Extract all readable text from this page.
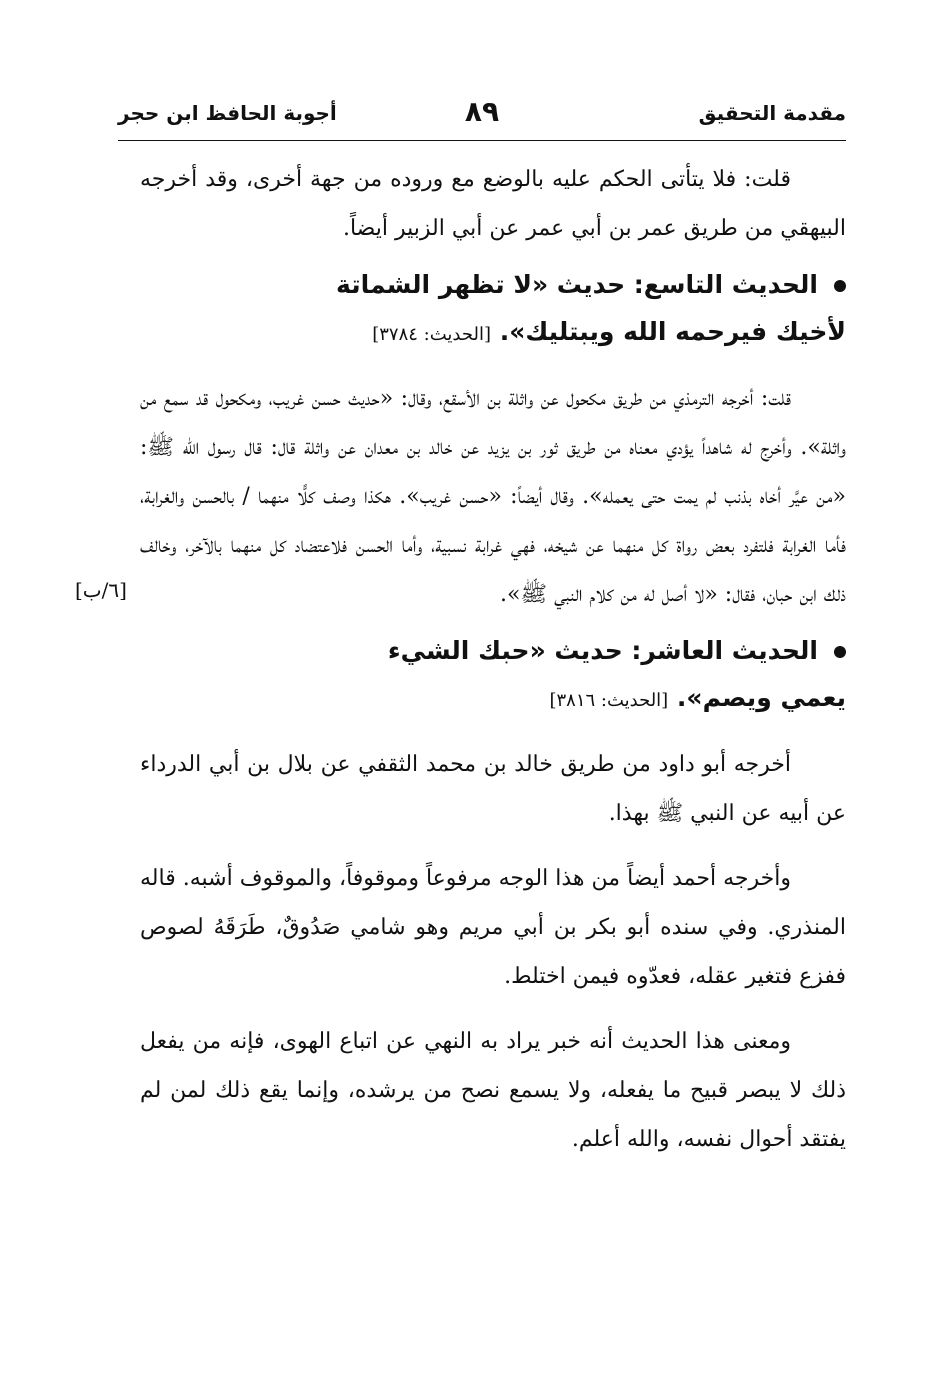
مقدمة التحقيق
٨٩
أجوبة الحافظ ابن حجر
[٦/ب]

قلت: فلا يتأتى الحكم عليه بالوضع مع وروده من جهة أخرى، وقد أخرجه البيهقي من طريق عمر بن أبي عمر عن أبي الزبير أيضاً.

الحديث التاسع: حديث «لا تظهر الشماتة
لأخيك فيرحمه الله ويبتليك». [الحديث: ٣٧٨٤]

قلت: أخرجه الترمذي من طريق مكحول عن واثلة بن الأسقع، وقال: «حديث حسن غريب، ومكحول قد سمع من واثلة». وأخرج له شاهداً يؤدي معناه من طريق ثور بن يزيد عن خالد بن معدان عن واثلة قال: قال رسول الله ﷺ: «من عيَّر أخاه بذنب لم يمت حتى يعمله». وقال أيضاً: «حسن غريب». هكذا وصف كلًّا منهما / بالحسن والغرابة، فأما الغرابة فلتفرد بعض رواة كل منهما عن شيخه، فهي غرابة نسبية، وأما الحسن فلاعتضاد كل منهما بالآخر، وخالف ذلك ابن حبان، فقال: «لا أصل له من كلام النبي ﷺ».

الحديث العاشر: حديث «حبك الشيء
يعمي ويصم». [الحديث: ٣٨١٦]

أخرجه أبو داود من طريق خالد بن محمد الثقفي عن بلال بن أبي الدرداء عن أبيه عن النبي ﷺ بهذا.

وأخرجه أحمد أيضاً من هذا الوجه مرفوعاً وموقوفاً، والموقوف أشبه. قاله المنذري. وفي سنده أبو بكر بن أبي مريم وهو شامي صَدُوقٌ، طَرَقَهُ لصوص ففزع فتغير عقله، فعدّوه فيمن اختلط.

ومعنى هذا الحديث أنه خبر يراد به النهي عن اتباع الهوى، فإنه من يفعل ذلك لا يبصر قبيح ما يفعله، ولا يسمع نصح من يرشده، وإنما يقع ذلك لمن لم يفتقد أحوال نفسه، والله أعلم.
